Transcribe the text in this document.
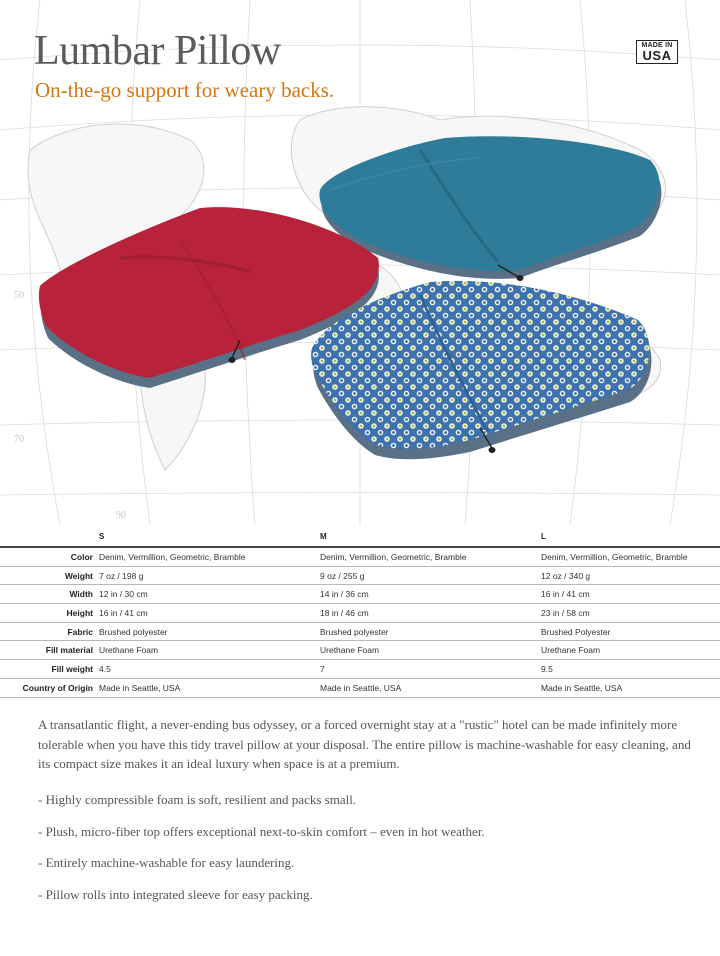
50
70
90
Lumbar Pillow

On-the-go support for weary backs.

MADE IN
USA
S	M	L
Color Denim, Vermillion, Geometric, Bramble	Denim, Vermillion, Geometric, Bramble	Denim, Vermillion, Geometric, Bramble
Weight 7 oz / 198 g	9 oz / 255 g	12 oz / 340 g
Width 12 in / 30 cm	14 in / 36 cm	16 in / 41 cm
Height 16 in / 41 cm	18 in / 46 cm	23 in / 58 cm
Fabric Brushed polyester	Brushed polyester	Brushed Polyester
Fill material Urethane Foam	Urethane Foam	Urethane Foam
Fill weight 4.5	7	9.5
Country of Origin Made in Seattle, USA	Made in Seattle, USA	Made in Seattle, USA

A transatlantic flight, a never-ending bus odyssey, or a forced overnight stay at a "rustic" hotel can be made infinitely more tolerable when you have this tidy travel pillow at your disposal. The entire pillow is machine-washable for easy cleaning, and its compact size makes it an ideal luxury when space is at a premium.

- Highly compressible foam is soft, resilient and packs small.
- Plush, micro-fiber top offers exceptional next-to-skin comfort – even in hot weather.
- Entirely machine-washable for easy laundering.
- Pillow rolls into integrated sleeve for easy packing.
